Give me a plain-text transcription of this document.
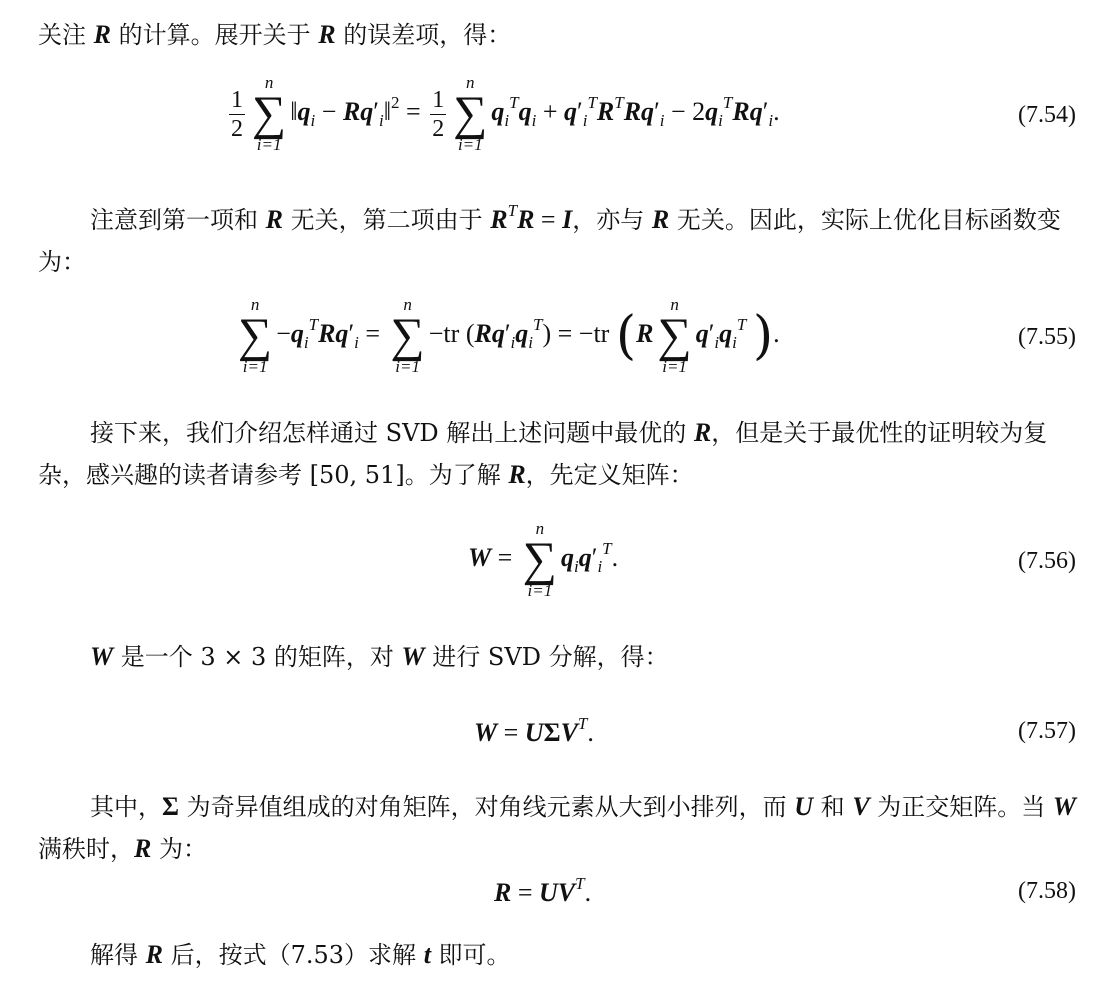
关注 R 的计算。展开关于 R 的误差项，得：
$\frac{1}{2}$
n
∑
i=1
$‖q_i$ − $Rq'_i‖^2 = \frac{1}{2}$
n
∑
i=1
$q_i^Tq_i + q'_i^TR^TRq'_i - 2q_i^TRq'_i$.	(7.54)
注意到第一项和 R 无关，第二项由于 $R^TR = I$，亦与 R 无关。因此，实际上优化目标函数变为：
n
∑
i=1
$-q_i^TRq'_i$ =
n
∑
i=1
−tr $(Rq'_iq_i^T) = -tr$ (R
n
∑
i=1
$q'_iq_i^T$ ).	(7.55)
接下来，我们介绍怎样通过 SVD 解出上述问题中最优的 R，但是关于最优性的证明较为复杂，感兴趣的读者请参考 [50, 51]。为了解 R，先定义矩阵：
W =
n
∑
i=1
$q_iq'_i^T$.	(7.56)
W 是一个 3 × 3 的矩阵，对 W 进行 SVD 分解，得：
$W = U\Sigma V^T$.	(7.57)
其中，Σ 为奇异值组成的对角矩阵，对角线元素从大到小排列，而 U 和 V 为正交矩阵。当 W 满秩时，R 为：
$R = UV^T$.	(7.58)
解得 R 后，按式（7.53）求解 t 即可。
